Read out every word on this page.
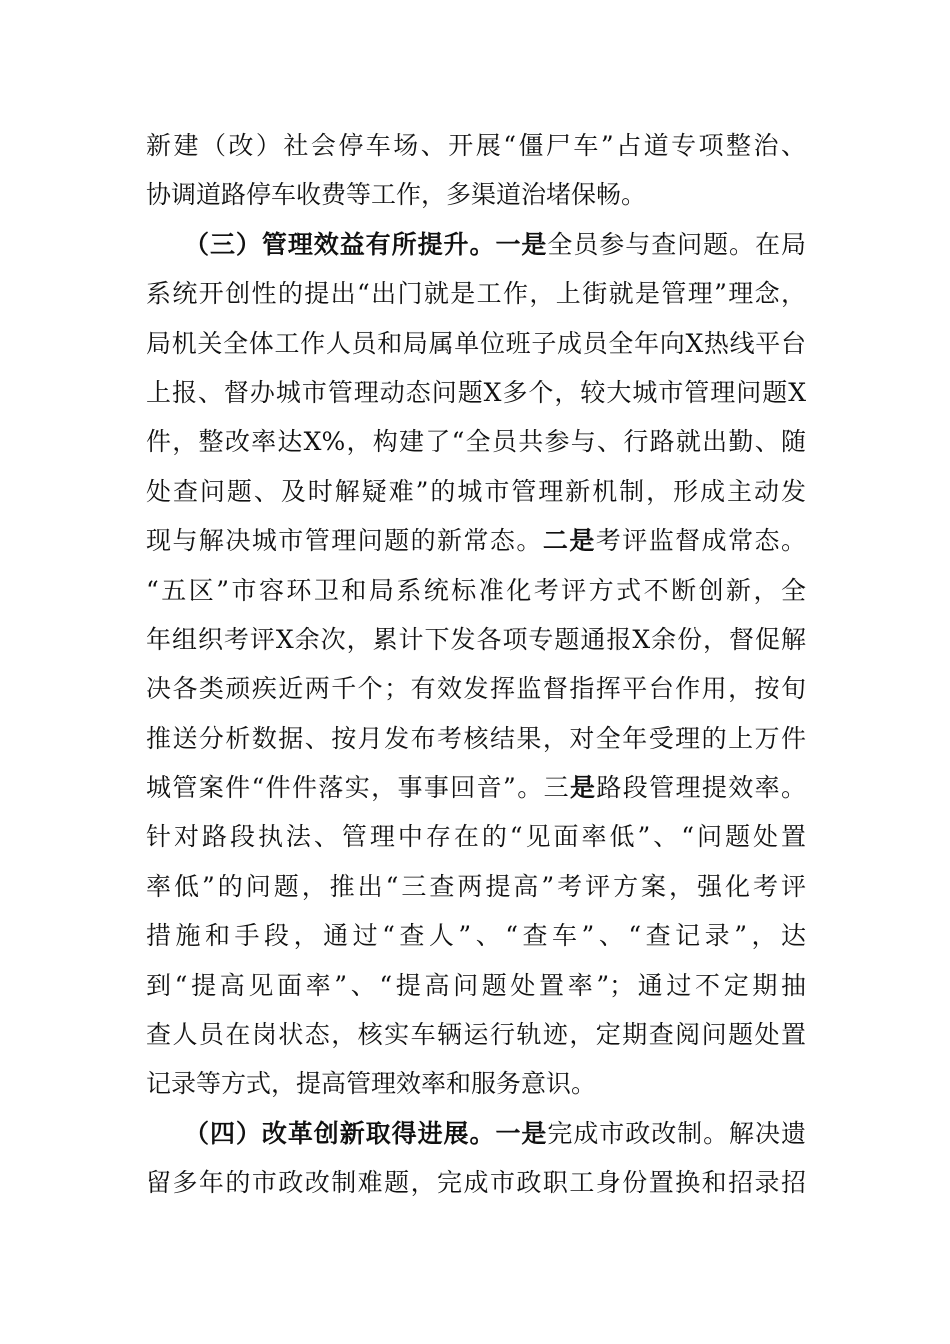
新建（改）社会停车场、开展“僵尸车”占道专项整治、
协调道路停车收费等工作，多渠道治堵保畅。
（三）管理效益有所提升。一是全员参与查问题。在局
系统开创性的提出“出门就是工作，上街就是管理”理念，
局机关全体工作人员和局属单位班子成员全年向X热线平台
上报、督办城市管理动态问题X多个，较大城市管理问题X
件，整改率达X%，构建了“全员共参与、行路就出勤、随
处查问题、及时解疑难”的城市管理新机制，形成主动发
现与解决城市管理问题的新常态。二是考评监督成常态。
“五区”市容环卫和局系统标准化考评方式不断创新，全
年组织考评X余次，累计下发各项专题通报X余份，督促解
决各类顽疾近两千个；有效发挥监督指挥平台作用，按旬
推送分析数据、按月发布考核结果，对全年受理的上万件
城管案件“件件落实，事事回音”。三是路段管理提效率。
针对路段执法、管理中存在的“见面率低”、“问题处置
率低”的问题，推出“三查两提高”考评方案，强化考评
措施和手段，通过“查人”、“查车”、“查记录”，达
到“提高见面率”、“提高问题处置率”；通过不定期抽
查人员在岗状态，核实车辆运行轨迹，定期查阅问题处置
记录等方式，提高管理效率和服务意识。
（四）改革创新取得进展。一是完成市政改制。解决遗
留多年的市政改制难题，完成市政职工身份置换和招录招
